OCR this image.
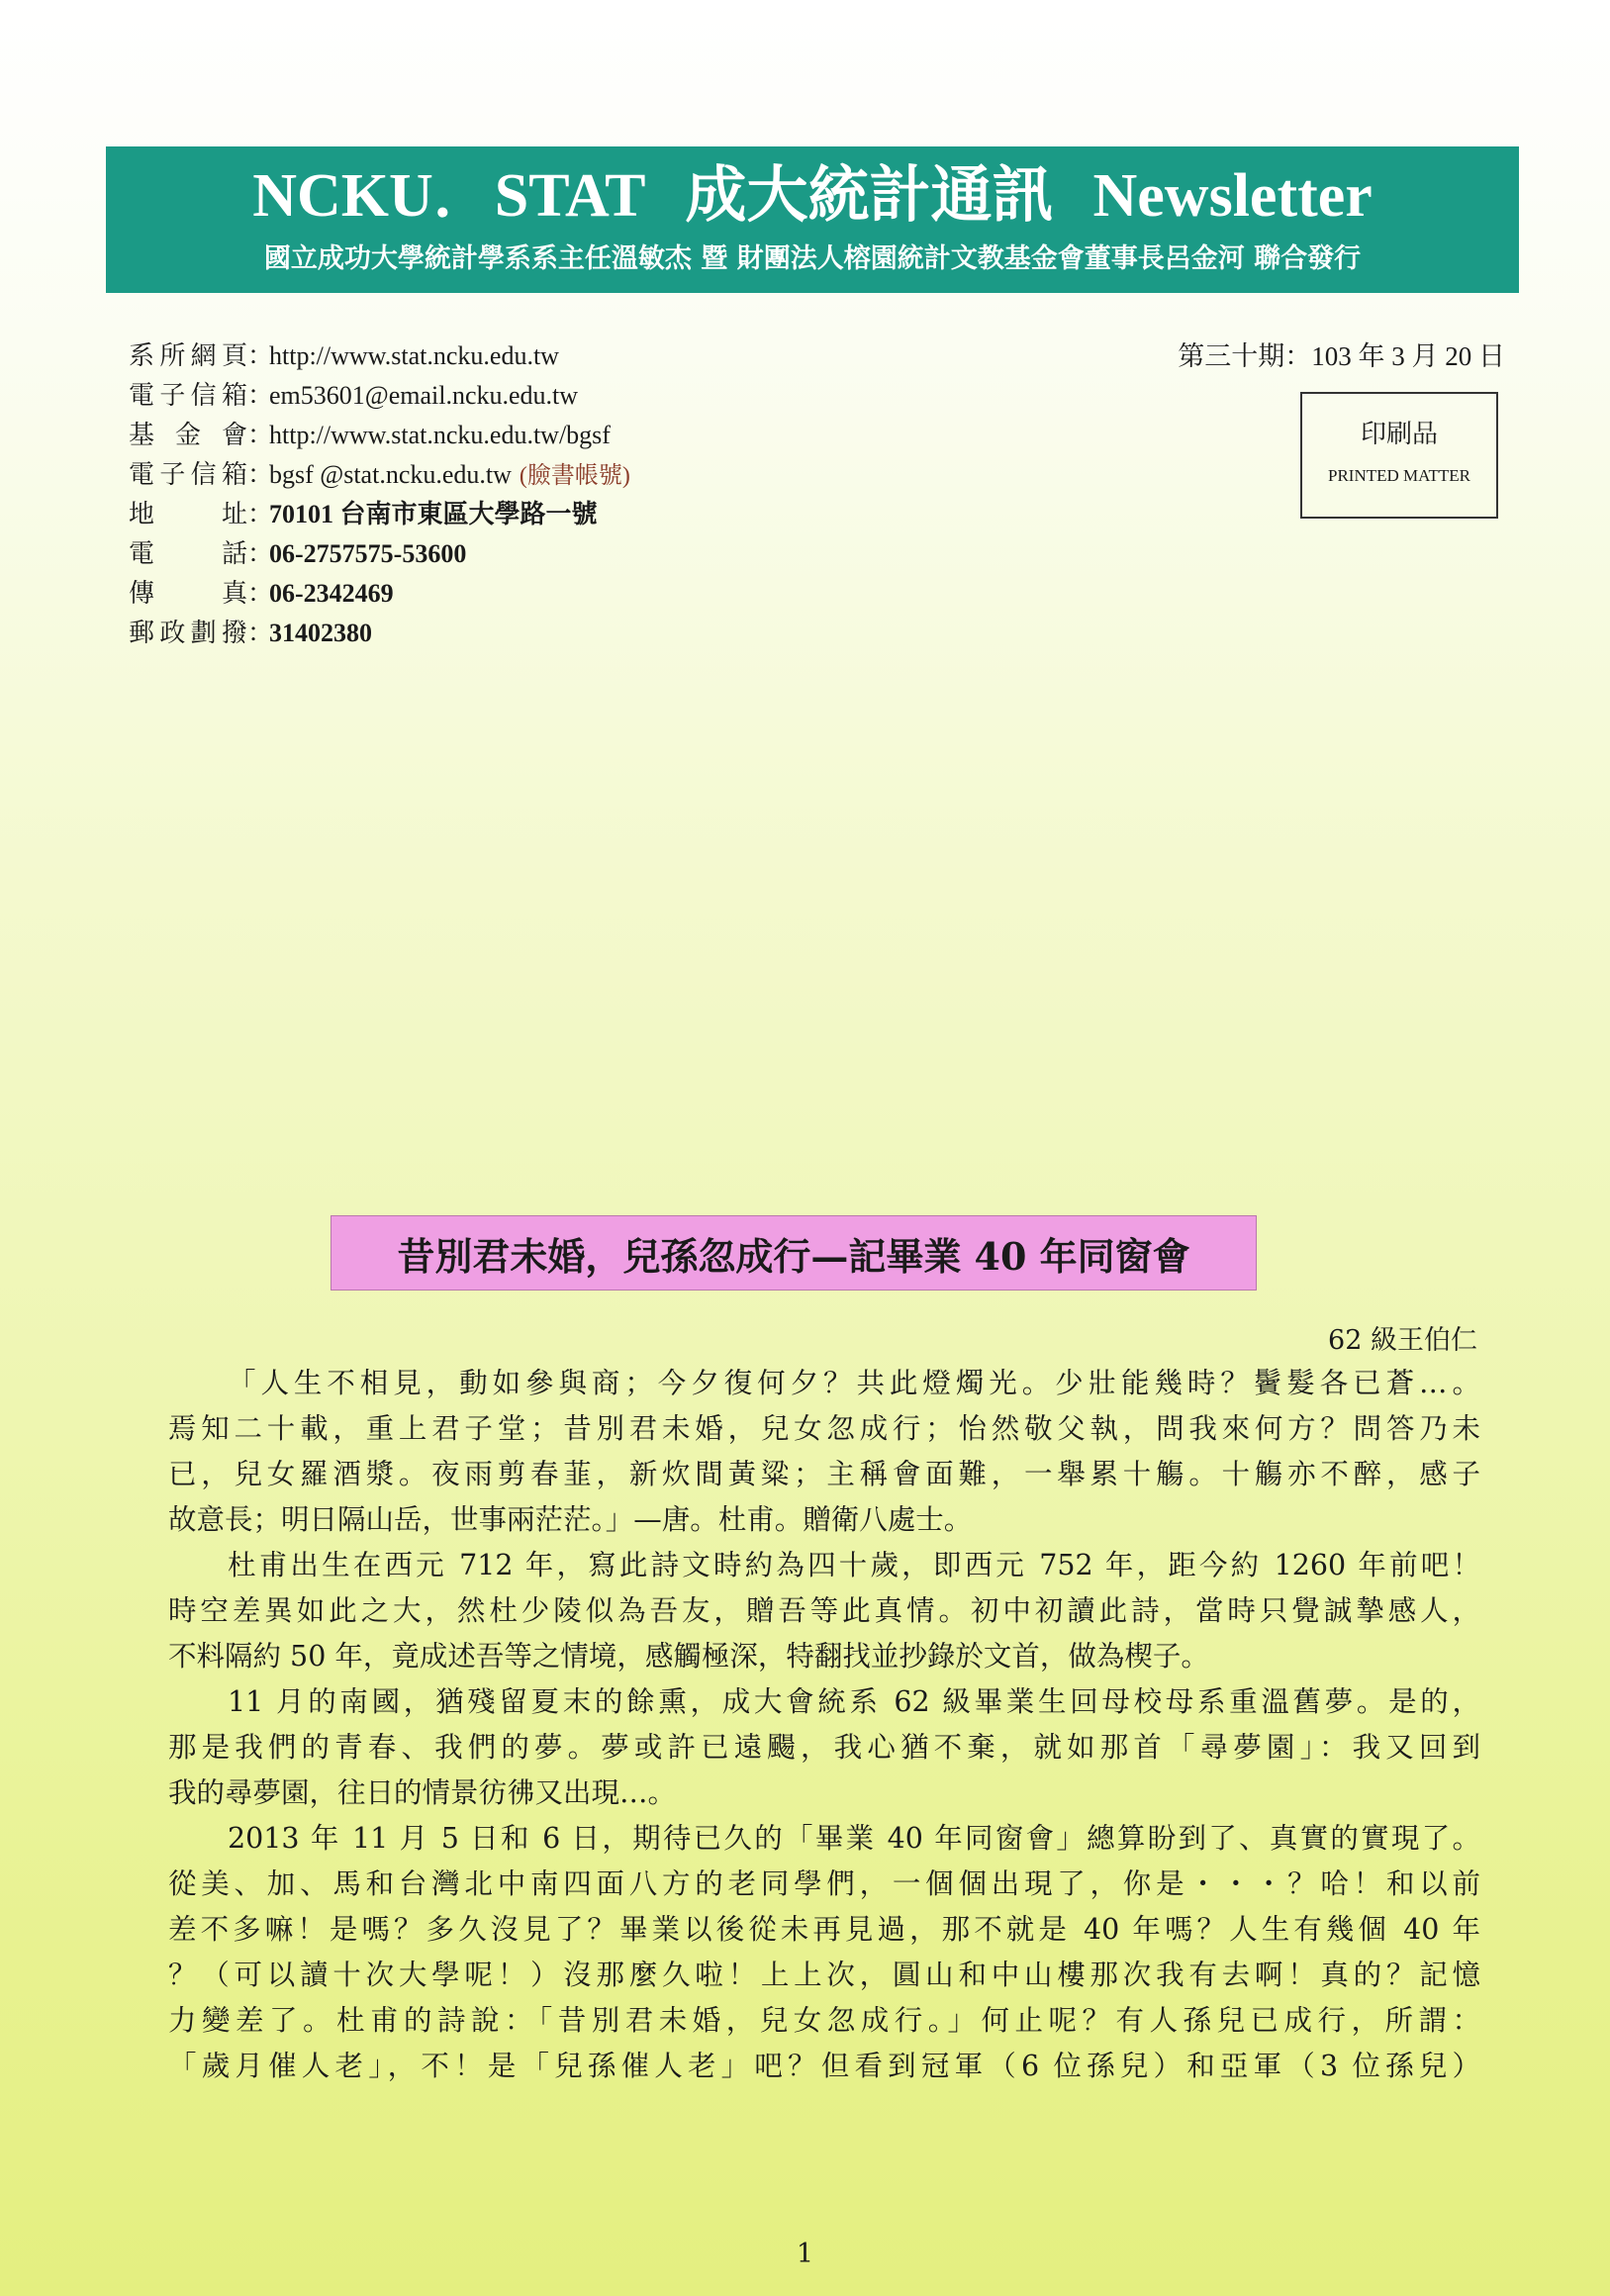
NCKU．STAT 成大統計通訊 Newsletter
國立成功大學統計學系系主任溫敏杰 暨 財團法人榕園統計文教基金會董事長呂金河 聯合發行
系所網頁：http://www.stat.ncku.edu.tw
電子信箱：em53601@email.ncku.edu.tw
基金會：http://www.stat.ncku.edu.tw/bgsf
電子信箱：bgsf @stat.ncku.edu.tw (臉書帳號)
地址：70101 台南市東區大學路一號
電話：06-2757575-53600
傳真：06-2342469
郵政劃撥：31402380
第三十期：103 年 3 月 20 日
印刷品
PRINTED MATTER
昔別君未婚，兒孫忽成行—記畢業 40 年同窗會
62 級王伯仁
「人生不相見，動如參與商；今夕復何夕？共此燈燭光。少壯能幾時？鬢髮各已蒼…。
焉知二十載，重上君子堂；昔別君未婚，兒女忽成行；怡然敬父執，問我來何方？問答乃未
已，兒女羅酒漿。夜雨剪春韮，新炊間黃粱；主稱會面難，一舉累十觴。十觴亦不醉，感子
故意長；明日隔山岳，世事兩茫茫。」—唐。杜甫。贈衛八處士。
杜甫出生在西元 712 年，寫此詩文時約為四十歲，即西元 752 年，距今約 1260 年前吧！
時空差異如此之大，然杜少陵似為吾友，贈吾等此真情。初中初讀此詩，當時只覺誠摯感人，
不料隔約 50 年，竟成述吾等之情境，感觸極深，特翻找並抄錄於文首，做為楔子。
11 月的南國，猶殘留夏末的餘熏，成大會統系 62 級畢業生回母校母系重溫舊夢。是的，
那是我們的青春、我們的夢。夢或許已遠颺，我心猶不棄，就如那首「尋夢園」：我又回到
我的尋夢園，往日的情景彷彿又出現…。
2013 年 11 月 5 日和 6 日，期待已久的「畢業 40 年同窗會」總算盼到了、真實的實現了。
從美、加、馬和台灣北中南四面八方的老同學們，一個個出現了，你是・・・？哈！和以前
差不多嘛！是嗎？多久沒見了？畢業以後從未再見過，那不就是 40 年嗎？人生有幾個 40 年
？（可以讀十次大學呢！）沒那麼久啦！上上次，圓山和中山樓那次我有去啊！真的？記憶
力變差了。杜甫的詩說：「昔別君未婚，兒女忽成行。」何止呢？有人孫兒已成行，所謂：
「歲月催人老」，不！是「兒孫催人老」吧？但看到冠軍（6 位孫兒）和亞軍（3 位孫兒）
1
